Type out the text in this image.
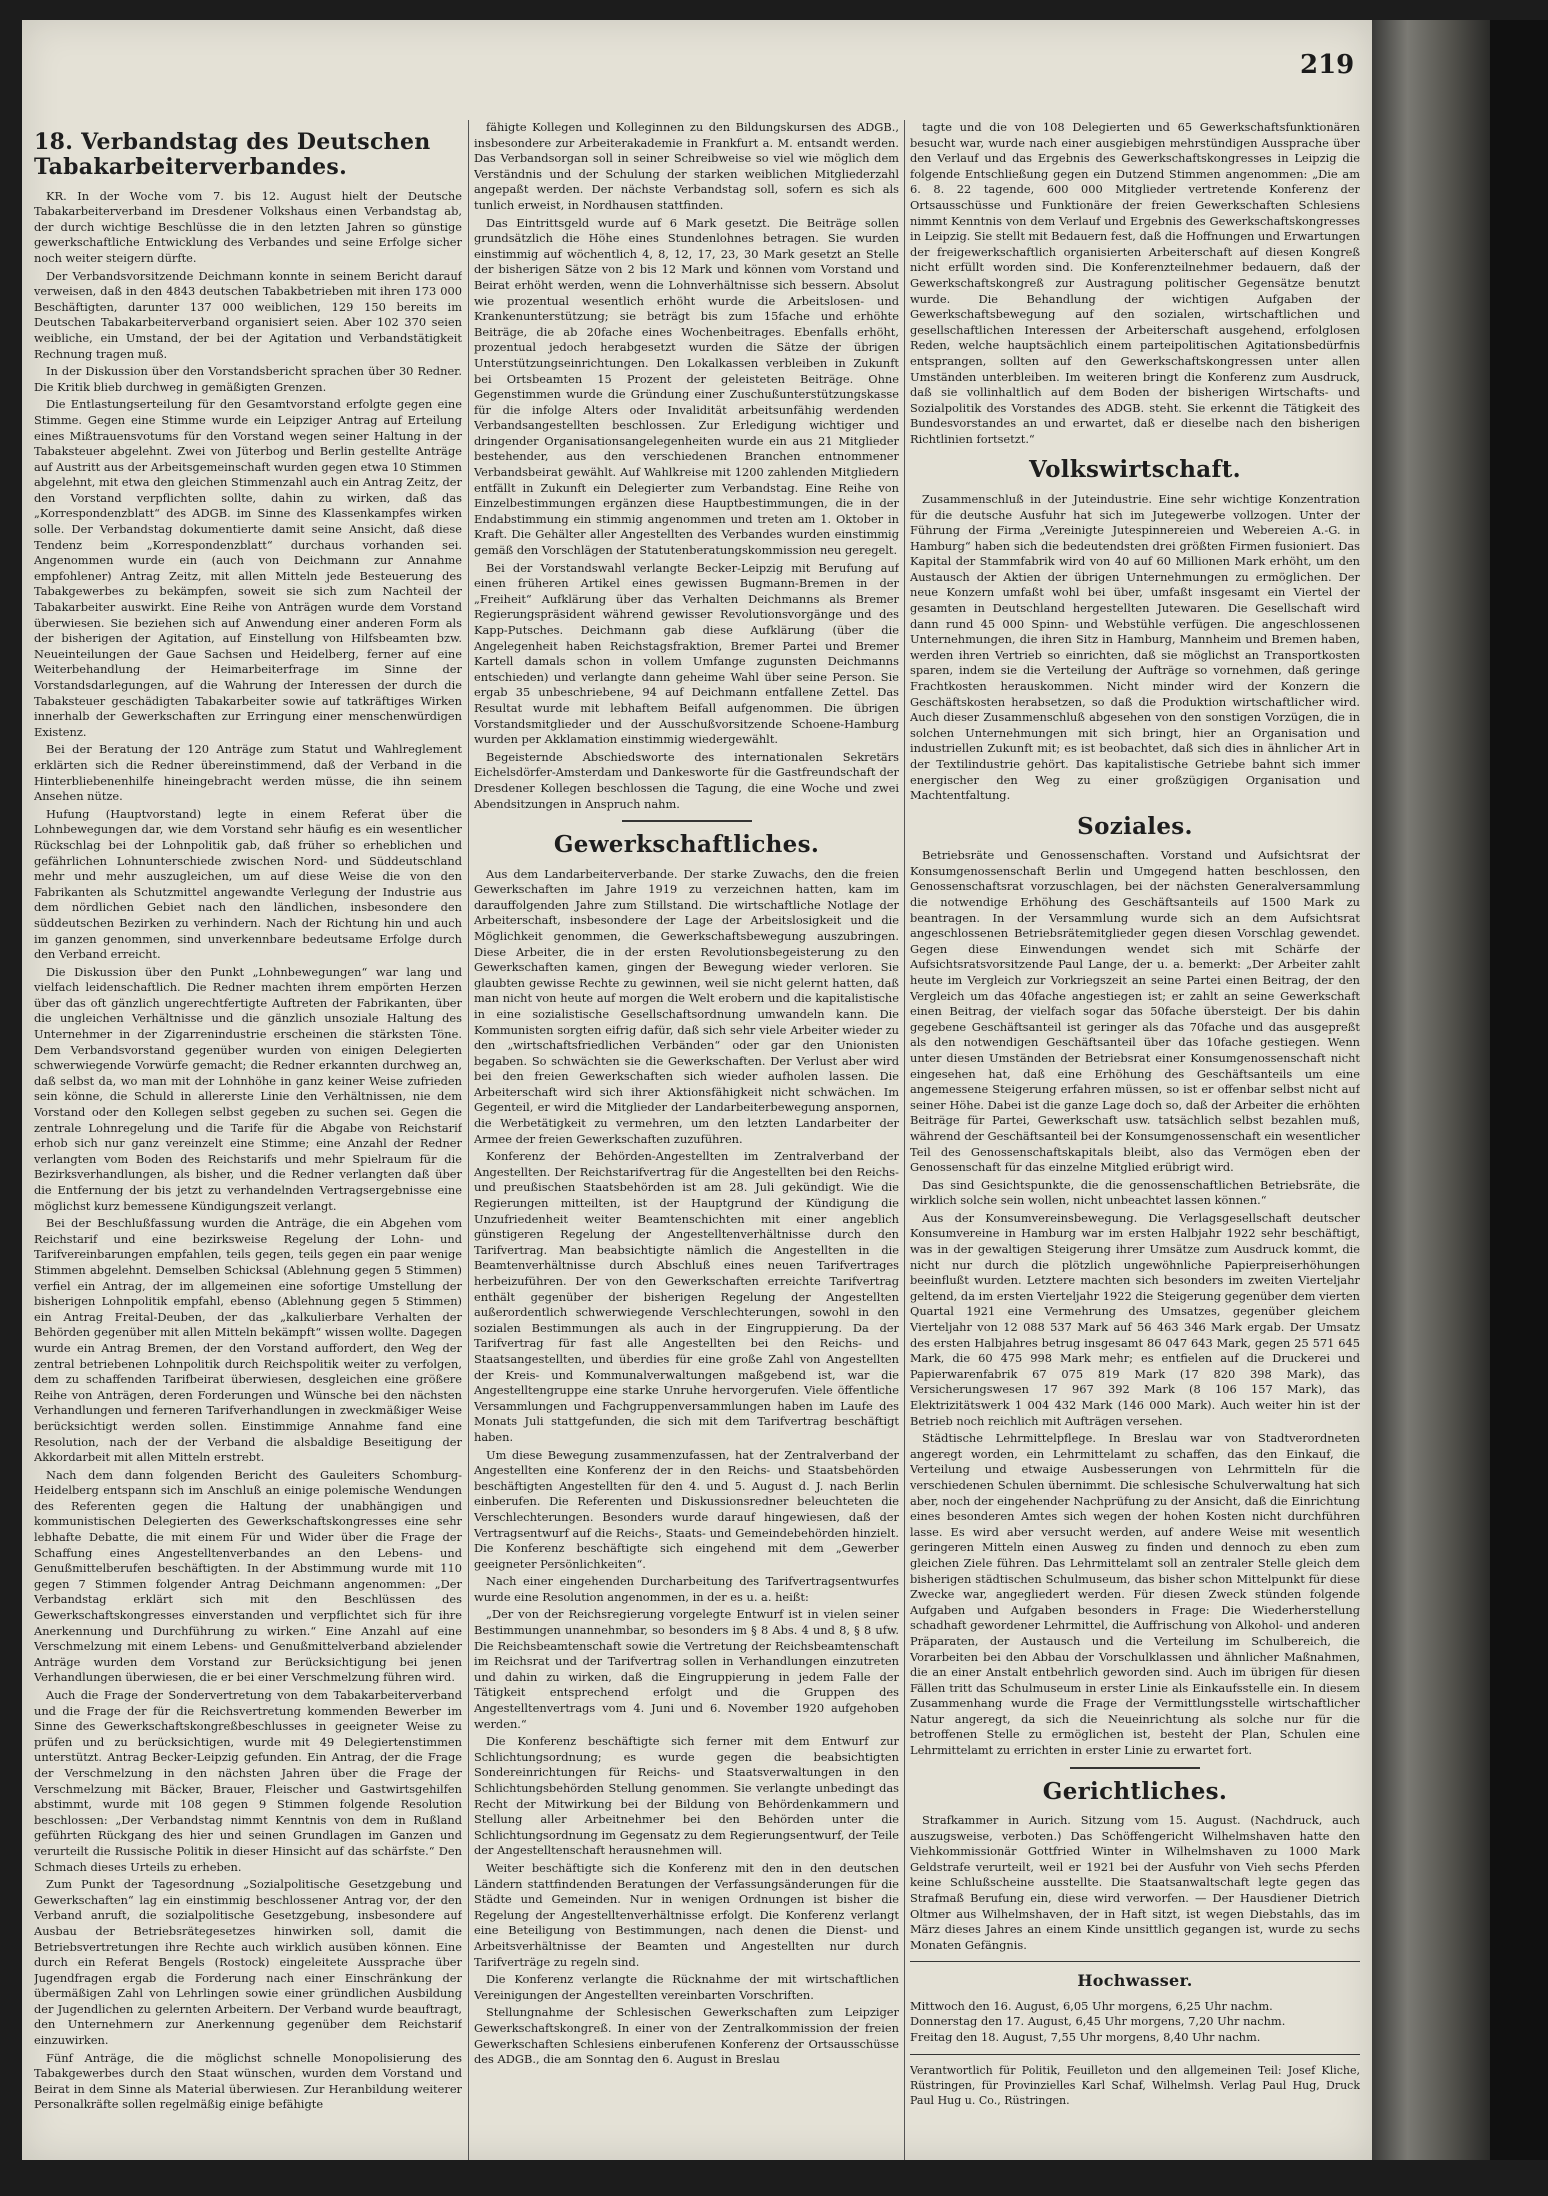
219
18. Verbandstag des Deutschen Tabakarbeiterverbandes.

KR. In der Woche vom 7. bis 12. August hielt der Deutsche Tabakarbeiterverband im Dresdener Volkshaus einen Verbandstag ab, der durch wichtige Beschlüsse die in den letzten Jahren so günstige gewerkschaftliche Entwicklung des Verbandes und seine Erfolge sicher noch weiter steigern dürfte.

Der Verbandsvorsitzende Deichmann konnte in seinem Bericht darauf verweisen, daß in den 4843 deutschen Tabakbetrieben mit ihren 173 000 Beschäftigten, darunter 137 000 weiblichen, 129 150 bereits im Deutschen Tabakarbeiterverband organisiert seien. Aber 102 370 seien weibliche, ein Umstand, der bei der Agitation und Verbandstätigkeit Rechnung tragen muß.

In der Diskussion über den Vorstandsbericht sprachen über 30 Redner. Die Kritik blieb durchweg in gemäßigten Grenzen.

Die Entlastungserteilung für den Gesamtvorstand erfolgte gegen eine Stimme. Gegen eine Stimme wurde ein Leipziger Antrag auf Erteilung eines Mißtrauensvotums für den Vorstand wegen seiner Haltung in der Tabaksteuer abgelehnt. Zwei von Jüterbog und Berlin gestellte Anträge auf Austritt aus der Arbeitsgemeinschaft wurden gegen etwa 10 Stimmen abgelehnt, mit etwa den gleichen Stimmenzahl auch ein Antrag Zeitz, der den Vorstand verpflichten sollte, dahin zu wirken, daß das „Korrespondenzblatt“ des ADGB. im Sinne des Klassenkampfes wirken solle. Der Verbandstag dokumentierte damit seine Ansicht, daß diese Tendenz beim „Korrespondenzblatt“ durchaus vorhanden sei. Angenommen wurde ein (auch von Deichmann zur Annahme empfohlener) Antrag Zeitz, mit allen Mitteln jede Besteuerung des Tabakgewerbes zu bekämpfen, soweit sie sich zum Nachteil der Tabakarbeiter auswirkt. Eine Reihe von Anträgen wurde dem Vorstand überwiesen. Sie beziehen sich auf Anwendung einer anderen Form als der bisherigen der Agitation, auf Einstellung von Hilfsbeamten bzw. Neueinteilungen der Gaue Sachsen und Heidelberg, ferner auf eine Weiterbehandlung der Heimarbeiterfrage im Sinne der Vorstandsdarlegungen, auf die Wahrung der Interessen der durch die Tabaksteuer geschädigten Tabakarbeiter sowie auf tatkräftiges Wirken innerhalb der Gewerkschaften zur Erringung einer menschenwürdigen Existenz.

Bei der Beratung der 120 Anträge zum Statut und Wahlreglement erklärten sich die Redner übereinstimmend, daß der Verband in die Hinterbliebenenhilfe hineingebracht werden müsse, die ihn seinem Ansehen nütze.

Hufung (Hauptvorstand) legte in einem Referat über die Lohnbewegungen dar, wie dem Vorstand sehr häufig es ein wesentlicher Rückschlag bei der Lohnpolitik gab, daß früher so erheblichen und gefährlichen Lohnunterschiede zwischen Nord- und Süddeutschland mehr und mehr auszugleichen, um auf diese Weise die von den Fabrikanten als Schutzmittel angewandte Verlegung der Industrie aus dem nördlichen Gebiet nach den ländlichen, insbesondere den süddeutschen Bezirken zu verhindern. Nach der Richtung hin und auch im ganzen genommen, sind unverkennbare bedeutsame Erfolge durch den Verband erreicht.

Die Diskussion über den Punkt „Lohnbewegungen“ war lang und vielfach leidenschaftlich. Die Redner machten ihrem empörten Herzen über das oft gänzlich ungerechtfertigte Auftreten der Fabrikanten, über die ungleichen Verhältnisse und die gänzlich unsoziale Haltung des Unternehmer in der Zigarrenindustrie erscheinen die stärksten Töne. Dem Verbandsvorstand gegenüber wurden von einigen Delegierten schwerwiegende Vorwürfe gemacht; die Redner erkannten durchweg an, daß selbst da, wo man mit der Lohnhöhe in ganz keiner Weise zufrieden sein könne, die Schuld in allererste Linie den Verhältnissen, nie dem Vorstand oder den Kollegen selbst gegeben zu suchen sei. Gegen die zentrale Lohnregelung und die Tarife für die Abgabe von Reichstarif erhob sich nur ganz vereinzelt eine Stimme; eine Anzahl der Redner verlangten vom Boden des Reichstarifs und mehr Spielraum für die Bezirksverhandlungen, als bisher, und die Redner verlangten daß über die Entfernung der bis jetzt zu verhandelnden Vertragsergebnisse eine möglichst kurz bemessene Kündigungszeit verlangt.

Bei der Beschlußfassung wurden die Anträge, die ein Abgehen vom Reichstarif und eine bezirksweise Regelung der Lohn- und Tarifvereinbarungen empfahlen, teils gegen, teils gegen ein paar wenige Stimmen abgelehnt. Demselben Schicksal (Ablehnung gegen 5 Stimmen) verfiel ein Antrag, der im allgemeinen eine sofortige Umstellung der bisherigen Lohnpolitik empfahl, ebenso (Ablehnung gegen 5 Stimmen) ein Antrag Freital-Deuben, der das „kalkulierbare Verhalten der Behörden gegenüber mit allen Mitteln bekämpft“ wissen wollte. Dagegen wurde ein Antrag Bremen, der den Vorstand auffordert, den Weg der zentral betriebenen Lohnpolitik durch Reichspolitik weiter zu verfolgen, dem zu schaffenden Tarifbeirat überwiesen, desgleichen eine größere Reihe von Anträgen, deren Forderungen und Wünsche bei den nächsten Verhandlungen und ferneren Tarifverhandlungen in zweckmäßiger Weise berücksichtigt werden sollen. Einstimmige Annahme fand eine Resolution, nach der der Verband die alsbaldige Beseitigung der Akkordarbeit mit allen Mitteln erstrebt.

Nach dem dann folgenden Bericht des Gauleiters Schomburg-Heidelberg entspann sich im Anschluß an einige polemische Wendungen des Referenten gegen die Haltung der unabhängigen und kommunistischen Delegierten des Gewerkschaftskongresses eine sehr lebhafte Debatte, die mit einem Für und Wider über die Frage der Schaffung eines Angestelltenverbandes an den Lebens- und Genußmittelberufen beschäftigten. In der Abstimmung wurde mit 110 gegen 7 Stimmen folgender Antrag Deichmann angenommen: „Der Verbandstag erklärt sich mit den Beschlüssen des Gewerkschaftskongresses einverstanden und verpflichtet sich für ihre Anerkennung und Durchführung zu wirken.“ Eine Anzahl auf eine Verschmelzung mit einem Lebens- und Genußmittelverband abzielender Anträge wurden dem Vorstand zur Berücksichtigung bei jenen Verhandlungen überwiesen, die er bei einer Verschmelzung führen wird.

Auch die Frage der Sondervertretung von dem Tabakarbeiterverband und die Frage der für die Reichsvertretung kommenden Bewerber im Sinne des Gewerkschaftskongreßbeschlusses in geeigneter Weise zu prüfen und zu berücksichtigen, wurde mit 49 Delegiertenstimmen unterstützt. Antrag Becker-Leipzig gefunden. Ein Antrag, der die Frage der Verschmelzung in den nächsten Jahren über die Frage der Verschmelzung mit Bäcker, Brauer, Fleischer und Gastwirtsgehilfen abstimmt, wurde mit 108 gegen 9 Stimmen folgende Resolution beschlossen: „Der Verbandstag nimmt Kenntnis von dem in Rußland geführten Rückgang des hier und seinen Grundlagen im Ganzen und verurteilt die Russische Politik in dieser Hinsicht auf das schärfste.“ Den Schmach dieses Urteils zu erheben.

Zum Punkt der Tagesordnung „Sozialpolitische Gesetzgebung und Gewerkschaften“ lag ein einstimmig beschlossener Antrag vor, der den Verband anruft, die sozialpolitische Gesetzgebung, insbesondere auf Ausbau der Betriebsrätegesetzes hinwirken soll, damit die Betriebsvertretungen ihre Rechte auch wirklich ausüben können. Eine durch ein Referat Bengels (Rostock) eingeleitete Aussprache über Jugendfragen ergab die Forderung nach einer Einschränkung der übermäßigen Zahl von Lehrlingen sowie einer gründlichen Ausbildung der Jugendlichen zu gelernten Arbeitern. Der Verband wurde beauftragt, den Unternehmern zur Anerkennung gegenüber dem Reichstarif einzuwirken.

Fünf Anträge, die die möglichst schnelle Monopolisierung des Tabakgewerbes durch den Staat wünschen, wurden dem Vorstand und Beirat in dem Sinne als Material überwiesen. Zur Heranbildung weiterer Personalkräfte sollen regelmäßig einige befähigte

fähigte Kollegen und Kolleginnen zu den Bildungskursen des ADGB., insbesondere zur Arbeiterakademie in Frankfurt a. M. entsandt werden. Das Verbandsorgan soll in seiner Schreibweise so viel wie möglich dem Verständnis und der Schulung der starken weiblichen Mitgliederzahl angepaßt werden. Der nächste Verbandstag soll, sofern es sich als tunlich erweist, in Nordhausen stattfinden.

Das Eintrittsgeld wurde auf 6 Mark gesetzt. Die Beiträge sollen grundsätzlich die Höhe eines Stundenlohnes betragen. Sie wurden einstimmig auf wöchentlich 4, 8, 12, 17, 23, 30 Mark gesetzt an Stelle der bisherigen Sätze von 2 bis 12 Mark und können vom Vorstand und Beirat erhöht werden, wenn die Lohnverhältnisse sich bessern. Absolut wie prozentual wesentlich erhöht wurde die Arbeitslosen- und Krankenunterstützung; sie beträgt bis zum 15fache und erhöhte Beiträge, die ab 20fache eines Wochenbeitrages. Ebenfalls erhöht, prozentual jedoch herabgesetzt wurden die Sätze der übrigen Unterstützungseinrichtungen. Den Lokalkassen verbleiben in Zukunft bei Ortsbeamten 15 Prozent der geleisteten Beiträge. Ohne Gegenstimmen wurde die Gründung einer Zuschußunterstützungskasse für die infolge Alters oder Invalidität arbeitsunfähig werdenden Verbandsangestellten beschlossen. Zur Erledigung wichtiger und dringender Organisationsangelegenheiten wurde ein aus 21 Mitglieder bestehender, aus den verschiedenen Branchen entnommener Verbandsbeirat gewählt. Auf Wahlkreise mit 1200 zahlenden Mitgliedern entfällt in Zukunft ein Delegierter zum Verbandstag. Eine Reihe von Einzelbestimmungen ergänzen diese Hauptbestimmungen, die in der Endabstimmung ein stimmig angenommen und treten am 1. Oktober in Kraft. Die Gehälter aller Angestellten des Verbandes wurden einstimmig gemäß den Vorschlägen der Statutenberatungskommission neu geregelt.

Bei der Vorstandswahl verlangte Becker-Leipzig mit Berufung auf einen früheren Artikel eines gewissen Bugmann-Bremen in der „Freiheit“ Aufklärung über das Verhalten Deichmanns als Bremer Regierungspräsident während gewisser Revolutionsvorgänge und des Kapp-Putsches. Deichmann gab diese Aufklärung (über die Angelegenheit haben Reichstagsfraktion, Bremer Partei und Bremer Kartell damals schon in vollem Umfange zugunsten Deichmanns entschieden) und verlangte dann geheime Wahl über seine Person. Sie ergab 35 unbeschriebene, 94 auf Deichmann entfallene Zettel. Das Resultat wurde mit lebhaftem Beifall aufgenommen. Die übrigen Vorstandsmitglieder und der Ausschußvorsitzende Schoene-Hamburg wurden per Akklamation einstimmig wiedergewählt.

Begeisternde Abschiedsworte des internationalen Sekretärs Eichelsdörfer-Amsterdam und Dankesworte für die Gastfreundschaft der Dresdener Kollegen beschlossen die Tagung, die eine Woche und zwei Abendsitzungen in Anspruch nahm.

Gewerkschaftliches.

Aus dem Landarbeiterverbande. Der starke Zuwachs, den die freien Gewerkschaften im Jahre 1919 zu verzeichnen hatten, kam im darauffolgenden Jahre zum Stillstand. Die wirtschaftliche Notlage der Arbeiterschaft, insbesondere der Lage der Arbeitslosigkeit und die Möglichkeit genommen, die Gewerkschaftsbewegung auszubringen. Diese Arbeiter, die in der ersten Revolutionsbegeisterung zu den Gewerkschaften kamen, gingen der Bewegung wieder verloren. Sie glaubten gewisse Rechte zu gewinnen, weil sie nicht gelernt hatten, daß man nicht von heute auf morgen die Welt erobern und die kapitalistische in eine sozialistische Gesellschaftsordnung umwandeln kann. Die Kommunisten sorgten eifrig dafür, daß sich sehr viele Arbeiter wieder zu den „wirtschaftsfriedlichen Verbänden“ oder gar den Unionisten begaben. So schwächten sie die Gewerkschaften. Der Verlust aber wird bei den freien Gewerkschaften sich wieder aufholen lassen. Die Arbeiterschaft wird sich ihrer Aktionsfähigkeit nicht schwächen. Im Gegenteil, er wird die Mitglieder der Landarbeiterbewegung anspornen, die Werbetätigkeit zu vermehren, um den letzten Landarbeiter der Armee der freien Gewerkschaften zuzuführen.

Konferenz der Behörden-Angestellten im Zentralverband der Angestellten. Der Reichstarifvertrag für die Angestellten bei den Reichs- und preußischen Staatsbehörden ist am 28. Juli gekündigt. Wie die Regierungen mitteilten, ist der Hauptgrund der Kündigung die Unzufriedenheit weiter Beamtenschichten mit einer angeblich günstigeren Regelung der Angestelltenverhältnisse durch den Tarifvertrag. Man beabsichtigte nämlich die Angestellten in die Beamtenverhältnisse durch Abschluß eines neuen Tarifvertrages herbeizuführen. Der von den Gewerkschaften erreichte Tarifvertrag enthält gegenüber der bisherigen Regelung der Angestellten außerordentlich schwerwiegende Verschlechterungen, sowohl in den sozialen Bestimmungen als auch in der Eingruppierung. Da der Tarifvertrag für fast alle Angestellten bei den Reichs- und Staatsangestellten, und überdies für eine große Zahl von Angestellten der Kreis- und Kommunalverwaltungen maßgebend ist, war die Angestelltengruppe eine starke Unruhe hervorgerufen. Viele öffentliche Versammlungen und Fachgruppenversammlungen haben im Laufe des Monats Juli stattgefunden, die sich mit dem Tarifvertrag beschäftigt haben.

Um diese Bewegung zusammenzufassen, hat der Zentralverband der Angestellten eine Konferenz der in den Reichs- und Staatsbehörden beschäftigten Angestellten für den 4. und 5. August d. J. nach Berlin einberufen. Die Referenten und Diskussionsredner beleuchteten die Verschlechterungen. Besonders wurde darauf hingewiesen, daß der Vertragsentwurf auf die Reichs-, Staats- und Gemeindebehörden hinzielt. Die Konferenz beschäftigte sich eingehend mit dem „Gewerber geeigneter Persönlichkeiten“.

Nach einer eingehenden Durcharbeitung des Tarifvertragsentwurfes wurde eine Resolution angenommen, in der es u. a. heißt:

„Der von der Reichsregierung vorgelegte Entwurf ist in vielen seiner Bestimmungen unannehmbar, so besonders im § 8 Abs. 4 und 8, § 8 ufw. Die Reichsbeamtenschaft sowie die Vertretung der Reichsbeamtenschaft im Reichsrat und der Tarifvertrag sollen in Verhandlungen einzutreten und dahin zu wirken, daß die Eingruppierung in jedem Falle der Tätigkeit entsprechend erfolgt und die Gruppen des Angestelltenvertrags vom 4. Juni und 6. November 1920 aufgehoben werden.“

Die Konferenz beschäftigte sich ferner mit dem Entwurf zur Schlichtungsordnung; es wurde gegen die beabsichtigten Sondereinrichtungen für Reichs- und Staatsverwaltungen in den Schlichtungsbehörden Stellung genommen. Sie verlangte unbedingt das Recht der Mitwirkung bei der Bildung von Behördenkammern und Stellung aller Arbeitnehmer bei den Behörden unter die Schlichtungsordnung im Gegensatz zu dem Regierungsentwurf, der Teile der Angestelltenschaft herausnehmen will.

Weiter beschäftigte sich die Konferenz mit den in den deutschen Ländern stattfindenden Beratungen der Verfassungsänderungen für die Städte und Gemeinden. Nur in wenigen Ordnungen ist bisher die Regelung der Angestelltenverhältnisse erfolgt. Die Konferenz verlangt eine Beteiligung von Bestimmungen, nach denen die Dienst- und Arbeitsverhältnisse der Beamten und Angestellten nur durch Tarifverträge zu regeln sind.

Die Konferenz verlangte die Rücknahme der mit wirtschaftlichen Vereinigungen der Angestellten vereinbarten Vorschriften.

Stellungnahme der Schlesischen Gewerkschaften zum Leipziger Gewerkschaftskongreß. In einer von der Zentralkommission der freien Gewerkschaften Schlesiens einberufenen Konferenz der Ortsausschüsse des ADGB., die am Sonntag den 6. August in Breslau

tagte und die von 108 Delegierten und 65 Gewerkschaftsfunktionären besucht war, wurde nach einer ausgiebigen mehrstündigen Aussprache über den Verlauf und das Ergebnis des Gewerkschaftskongresses in Leipzig die folgende Entschließung gegen ein Dutzend Stimmen angenommen: „Die am 6. 8. 22 tagende, 600 000 Mitglieder vertretende Konferenz der Ortsausschüsse und Funktionäre der freien Gewerkschaften Schlesiens nimmt Kenntnis von dem Verlauf und Ergebnis des Gewerkschaftskongresses in Leipzig. Sie stellt mit Bedauern fest, daß die Hoffnungen und Erwartungen der freigewerkschaftlich organisierten Arbeiterschaft auf diesen Kongreß nicht erfüllt worden sind. Die Konferenzteilnehmer bedauern, daß der Gewerkschaftskongreß zur Austragung politischer Gegensätze benutzt wurde. Die Behandlung der wichtigen Aufgaben der Gewerkschaftsbewegung auf den sozialen, wirtschaftlichen und gesellschaftlichen Interessen der Arbeiterschaft ausgehend, erfolglosen Reden, welche hauptsächlich einem parteipolitischen Agitationsbedürfnis entsprangen, sollten auf den Gewerkschaftskongressen unter allen Umständen unterbleiben. Im weiteren bringt die Konferenz zum Ausdruck, daß sie vollinhaltlich auf dem Boden der bisherigen Wirtschafts- und Sozialpolitik des Vorstandes des ADGB. steht. Sie erkennt die Tätigkeit des Bundesvorstandes an und erwartet, daß er dieselbe nach den bisherigen Richtlinien fortsetzt.“

Volkswirtschaft.

Zusammenschluß in der Juteindustrie. Eine sehr wichtige Konzentration für die deutsche Ausfuhr hat sich im Jutegewerbe vollzogen. Unter der Führung der Firma „Vereinigte Jutespinnereien und Webereien A.-G. in Hamburg“ haben sich die bedeutendsten drei größten Firmen fusioniert. Das Kapital der Stammfabrik wird von 40 auf 60 Millionen Mark erhöht, um den Austausch der Aktien der übrigen Unternehmungen zu ermöglichen. Der neue Konzern umfaßt wohl bei über, umfaßt insgesamt ein Viertel der gesamten in Deutschland hergestellten Jutewaren. Die Gesellschaft wird dann rund 45 000 Spinn- und Webstühle verfügen. Die angeschlossenen Unternehmungen, die ihren Sitz in Hamburg, Mannheim und Bremen haben, werden ihren Vertrieb so einrichten, daß sie möglichst an Transportkosten sparen, indem sie die Verteilung der Aufträge so vornehmen, daß geringe Frachtkosten herauskommen. Nicht minder wird der Konzern die Geschäftskosten herabsetzen, so daß die Produktion wirtschaftlicher wird. Auch dieser Zusammenschluß abgesehen von den sonstigen Vorzügen, die in solchen Unternehmungen mit sich bringt, hier an Organisation und industriellen Zukunft mit; es ist beobachtet, daß sich dies in ähnlicher Art in der Textilindustrie gehört. Das kapitalistische Getriebe bahnt sich immer energischer den Weg zu einer großzügigen Organisation und Machtentfaltung.

Soziales.

Betriebsräte und Genossenschaften. Vorstand und Aufsichtsrat der Konsumgenossenschaft Berlin und Umgegend hatten beschlossen, den Genossenschaftsrat vorzuschlagen, bei der nächsten Generalversammlung die notwendige Erhöhung des Geschäftsanteils auf 1500 Mark zu beantragen. In der Versammlung wurde sich an dem Aufsichtsrat angeschlossenen Betriebsrätemitglieder gegen diesen Vorschlag gewendet. Gegen diese Einwendungen wendet sich mit Schärfe der Aufsichtsratsvorsitzende Paul Lange, der u. a. bemerkt: „Der Arbeiter zahlt heute im Vergleich zur Vorkriegszeit an seine Partei einen Beitrag, der den Vergleich um das 40fache angestiegen ist; er zahlt an seine Gewerkschaft einen Beitrag, der vielfach sogar das 50fache übersteigt. Der bis dahin gegebene Geschäftsanteil ist geringer als das 70fache und das ausgepreßt als den notwendigen Geschäftsanteil über das 10fache gestiegen. Wenn unter diesen Umständen der Betriebsrat einer Konsumgenossenschaft nicht eingesehen hat, daß eine Erhöhung des Geschäftsanteils um eine angemessene Steigerung erfahren müssen, so ist er offenbar selbst nicht auf seiner Höhe. Dabei ist die ganze Lage doch so, daß der Arbeiter die erhöhten Beiträge für Partei, Gewerkschaft usw. tatsächlich selbst bezahlen muß, während der Geschäftsanteil bei der Konsumgenossenschaft ein wesentlicher Teil des Genossenschaftskapitals bleibt, also das Vermögen eben der Genossenschaft für das einzelne Mitglied erübrigt wird.

Das sind Gesichtspunkte, die die genossenschaftlichen Betriebsräte, die wirklich solche sein wollen, nicht unbeachtet lassen können.“

Aus der Konsumvereinsbewegung. Die Verlagsgesellschaft deutscher Konsumvereine in Hamburg war im ersten Halbjahr 1922 sehr beschäftigt, was in der gewaltigen Steigerung ihrer Umsätze zum Ausdruck kommt, die nicht nur durch die plötzlich ungewöhnliche Papierpreiserhöhungen beeinflußt wurden. Letztere machten sich besonders im zweiten Vierteljahr geltend, da im ersten Vierteljahr 1922 die Steigerung gegenüber dem vierten Quartal 1921 eine Vermehrung des Umsatzes, gegenüber gleichem Vierteljahr von 12 088 537 Mark auf 56 463 346 Mark ergab. Der Umsatz des ersten Halbjahres betrug insgesamt 86 047 643 Mark, gegen 25 571 645 Mark, die 60 475 998 Mark mehr; es entfielen auf die Druckerei und Papierwarenfabrik 67 075 819 Mark (17 820 398 Mark), das Versicherungswesen 17 967 392 Mark (8 106 157 Mark), das Elektrizitätswerk 1 004 432 Mark (146 000 Mark). Auch weiter hin ist der Betrieb noch reichlich mit Aufträgen versehen.

Städtische Lehrmittelpflege. In Breslau war von Stadtverordneten angeregt worden, ein Lehrmittelamt zu schaffen, das den Einkauf, die Verteilung und etwaige Ausbesserungen von Lehrmitteln für die verschiedenen Schulen übernimmt. Die schlesische Schulverwaltung hat sich aber, noch der eingehender Nachprüfung zu der Ansicht, daß die Einrichtung eines besonderen Amtes sich wegen der hohen Kosten nicht durchführen lasse. Es wird aber versucht werden, auf andere Weise mit wesentlich geringeren Mitteln einen Ausweg zu finden und dennoch zu eben zum gleichen Ziele führen. Das Lehrmittelamt soll an zentraler Stelle gleich dem bisherigen städtischen Schulmuseum, das bisher schon Mittelpunkt für diese Zwecke war, angegliedert werden. Für diesen Zweck stünden folgende Aufgaben und Aufgaben besonders in Frage: Die Wiederherstellung schadhaft gewordener Lehrmittel, die Auffrischung von Alkohol- und anderen Präparaten, der Austausch und die Verteilung im Schulbereich, die Vorarbeiten bei den Abbau der Vorschulklassen und ähnlicher Maßnahmen, die an einer Anstalt entbehrlich geworden sind. Auch im übrigen für diesen Fällen tritt das Schulmuseum in erster Linie als Einkaufsstelle ein. In diesem Zusammenhang wurde die Frage der Vermittlungsstelle wirtschaftlicher Natur angeregt, da sich die Neueinrichtung als solche nur für die betroffenen Stelle zu ermöglichen ist, besteht der Plan, Schulen eine Lehrmittelamt zu errichten in erster Linie zu erwartet fort.

Gerichtliches.

Strafkammer in Aurich. Sitzung vom 15. August. (Nachdruck, auch auszugsweise, verboten.) Das Schöffengericht Wilhelmshaven hatte den Viehkommissionär Gottfried Winter in Wilhelmshaven zu 1000 Mark Geldstrafe verurteilt, weil er 1921 bei der Ausfuhr von Vieh sechs Pferden keine Schlußscheine ausstellte. Die Staatsanwaltschaft legte gegen das Strafmaß Berufung ein, diese wird verworfen. — Der Hausdiener Dietrich Oltmer aus Wilhelmshaven, der in Haft sitzt, ist wegen Diebstahls, das im März dieses Jahres an einem Kinde unsittlich gegangen ist, wurde zu sechs Monaten Gefängnis.

Hochwasser.

Mittwoch den 16. August, 6,05 Uhr morgens, 6,25 Uhr nachm.

Donnerstag den 17. August, 6,45 Uhr morgens, 7,20 Uhr nachm.

Freitag den 18. August, 7,55 Uhr morgens, 8,40 Uhr nachm.

Verantwortlich für Politik, Feuilleton und den allgemeinen Teil: Josef Kliche, Rüstringen, für Provinzielles Karl Schaf, Wilhelmsh. Verlag Paul Hug, Druck Paul Hug u. Co., Rüstringen.
